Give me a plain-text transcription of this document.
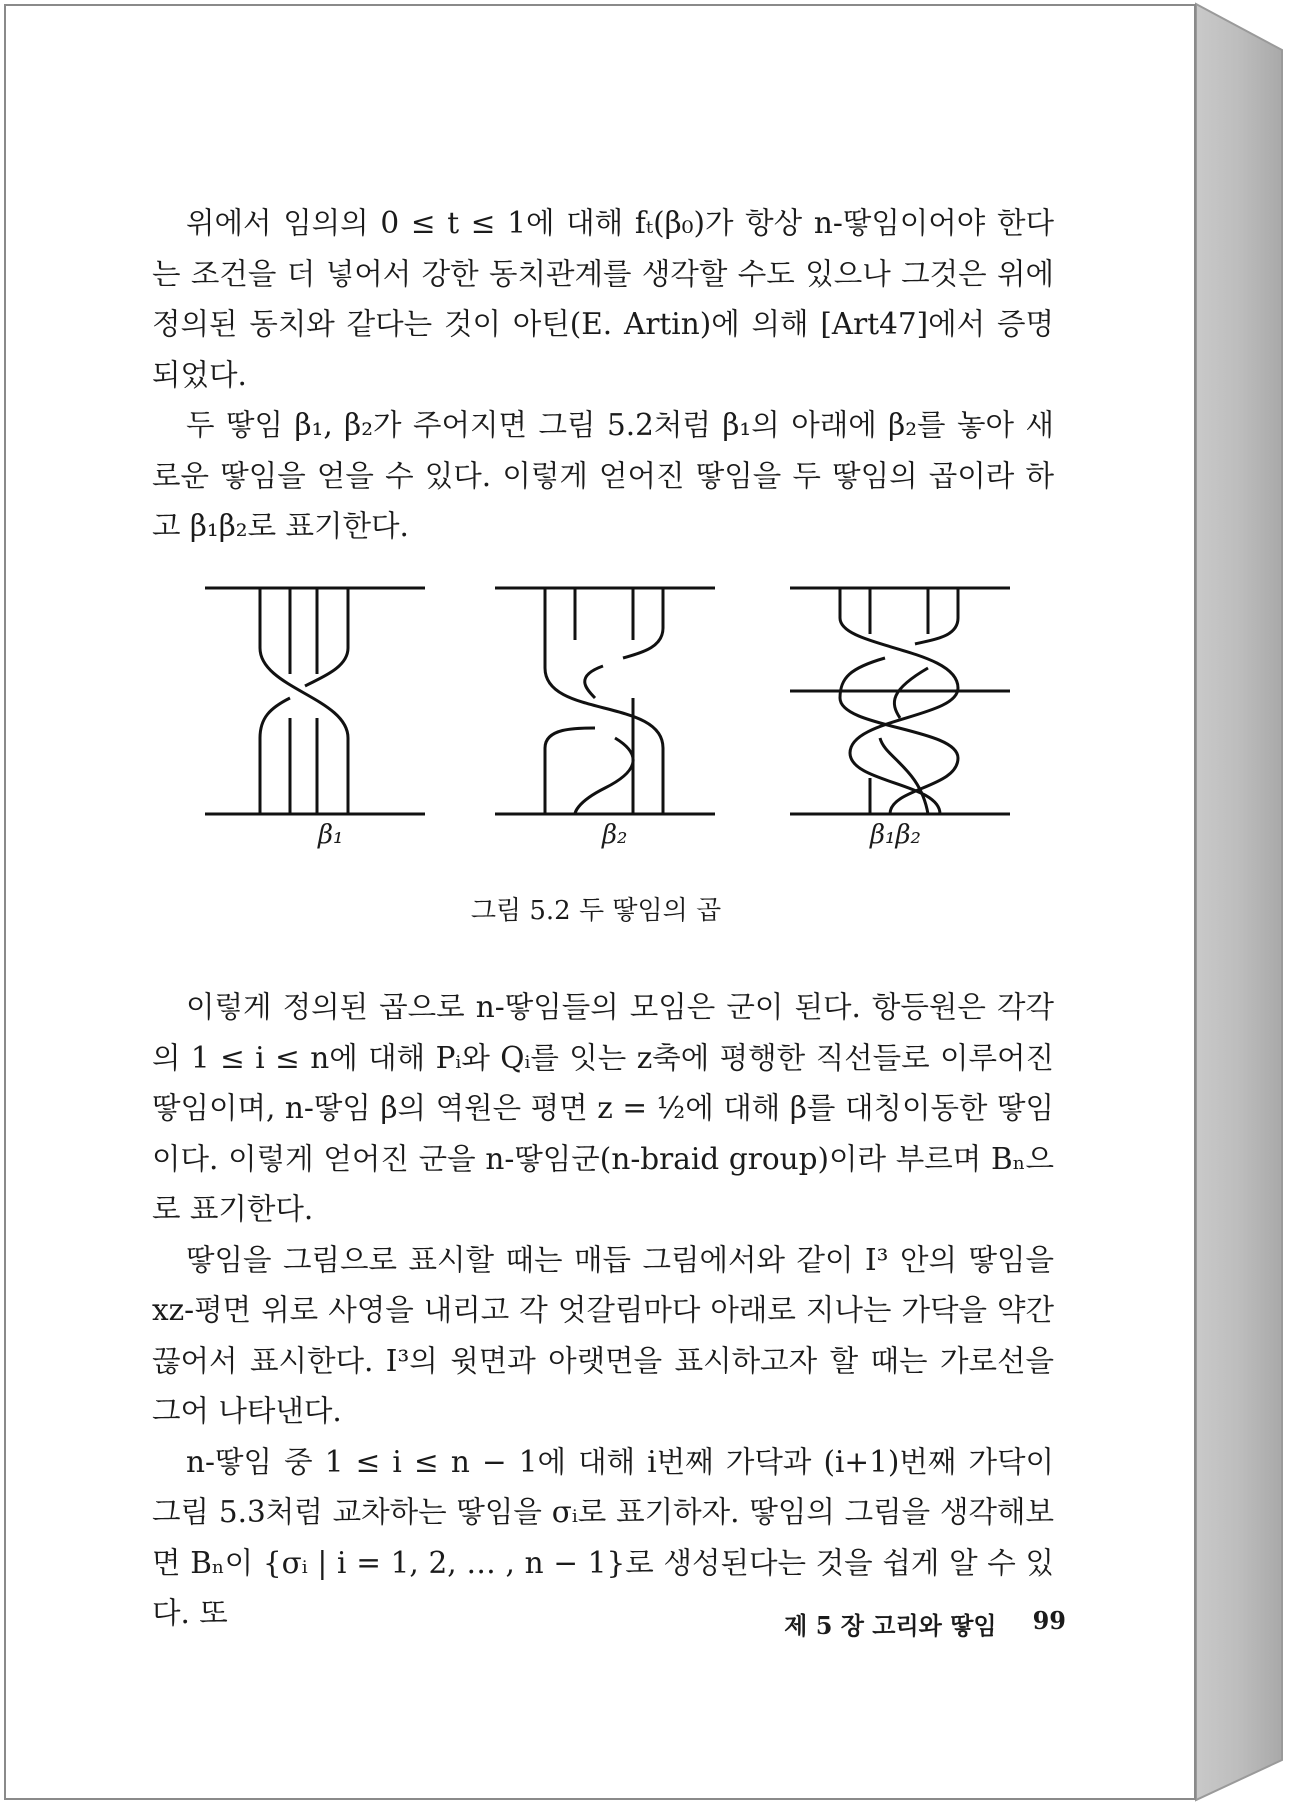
위에서 임의의 0 ≤ t ≤ 1에 대해 fₜ(β₀)가 항상 n-땋임이어야 한다는 조건을 더 넣어서 강한 동치관계를 생각할 수도 있으나 그것은 위에 정의된 동치와 같다는 것이 아틴(E. Artin)에 의해 [Art47]에서 증명되었다.

두 땋임 β₁, β₂가 주어지면 그림 5.2처럼 β₁의 아래에 β₂를 놓아 새로운 땋임을 얻을 수 있다. 이렇게 얻어진 땋임을 두 땋임의 곱이라 하고 β₁β₂로 표기한다.

β₁	β₂	β₁β₂
그림 5.2 두 땋임의 곱

이렇게 정의된 곱으로 n-땋임들의 모임은 군이 된다. 항등원은 각각의 1 ≤ i ≤ n에 대해 Pᵢ와 Qᵢ를 잇는 z축에 평행한 직선들로 이루어진 땋임이며, n-땋임 β의 역원은 평면 z = ½에 대해 β를 대칭이동한 땋임이다. 이렇게 얻어진 군을 n-땋임군(n-braid group)이라 부르며 Bₙ으로 표기한다.

땋임을 그림으로 표시할 때는 매듭 그림에서와 같이 I³ 안의 땋임을 xz-평면 위로 사영을 내리고 각 엇갈림마다 아래로 지나는 가닥을 약간 끊어서 표시한다. I³의 윗면과 아랫면을 표시하고자 할 때는 가로선을 그어 나타낸다.

n-땋임 중 1 ≤ i ≤ n − 1에 대해 i번째 가닥과 (i+1)번째 가닥이 그림 5.3처럼 교차하는 땋임을 σᵢ로 표기하자. 땋임의 그림을 생각해보면 Bₙ이 {σᵢ | i = 1, 2, … , n − 1}로 생성된다는 것을 쉽게 알 수 있다. 또	제 5 장 고리와 땋임 99
